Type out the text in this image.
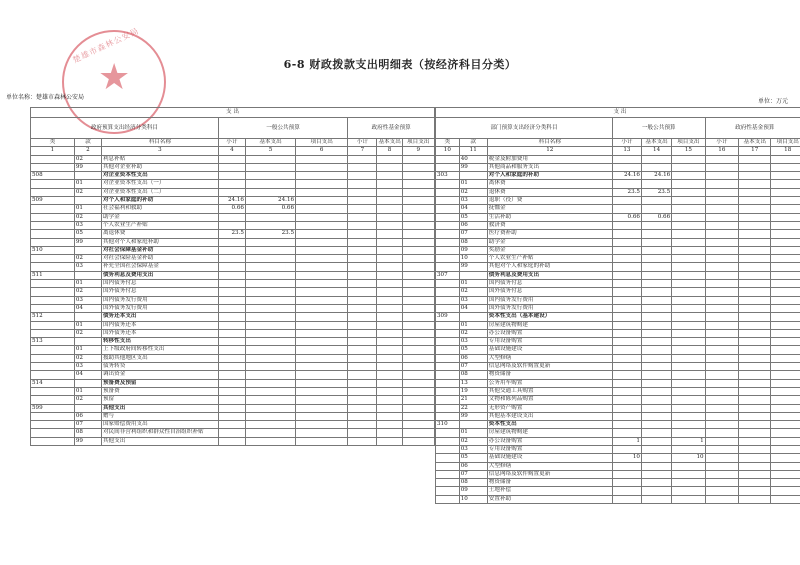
楚雄市森林公安局
★	6-8 财政拨款支出明细表（按经济科目分类）
单位名称：楚雄市森林公安局
单位：万元
支 出								
政府预算支出经济分类科目			一般公共预算			政府性基金预算		
类	款	科目名称	小计	基本支出	项目支出	小计	基本支出	项目支出
1	2	3	4	5	6	7	8	9
	02	利息补贴						
	99	其他对企业补助						
508		对企业资本性支出						
	01	对企业资本性支出（一）						
	02	对企业资本性支出（二）						
509		对个人和家庭的补助	24.16	24.16				
	01	社会福利和救助	0.66	0.66				
	02	助学金						
	03	个人农业生产补贴						
	05	离退休费	23.5	23.5				
	99	其他对个人和家庭补助						
510		对社会保障基金补助						
	02	对社会保险基金补助						
	03	补充全国社会保障基金						
511		债务利息及费用支出						
	01	国内债务付息						
	02	国外债务付息						
	03	国内债务发行费用						
	04	国外债务发行费用						
512		债务还本支出						
	01	国内债务还本						
	02	国外债务还本						
513		转移性支出						
	01	上下级政府间转移性支出						
	02	援助其他地区支出						
	03	债务转贷						
	04	调出资金						
514		预备费及预留						
	01	预备费						
	02	预留						
599		其他支出						
	06	赠与						
	07	国家赔偿费用支出						
	08	对民间非营利组织和群众性自治组织补贴						
	99	其他支出						
支 出								
部门预算支出经济分类科目			一般公共预算			政府性基金预算		
类	款	科目名称	小计	基本支出	项目支出	小计	基本支出	项目支出
10	11	12	13	14	15	16	17	18
	40	税金及附加费用						
	99	其他商品和服务支出						
303		对个人和家庭的补助	24.16	24.16				
	01	离休费						
	02	退休费	23.5	23.5				
	03	退职（役）费						
	04	抚恤金						
	05	生活补助	0.66	0.66				
	06	救济费						
	07	医疗费补助						
	08	助学金						
	09	奖励金						
	10	个人农业生产补贴						
	99	其他对个人和家庭的补助						
307		债务利息及费用支出						
	01	国内债务付息						
	02	国外债务付息						
	03	国内债务发行费用						
	04	国外债务发行费用						
309		资本性支出（基本建设）						
	01	房屋建筑物购建						
	02	办公设备购置						
	03	专用设备购置						
	05	基础设施建设						
	06	大型修缮						
	07	信息网络及软件购置更新						
	08	物资储备						
	13	公务用车购置						
	19	其他交通工具购置						
	21	文物和陈列品购置						
	22	无形资产购置						
	99	其他基本建设支出						
310		资本性支出						
	01	房屋建筑物购建						
	02	办公设备购置	1		1			
	03	专用设备购置						
	05	基础设施建设	10		10			
	06	大型修缮						
	07	信息网络及软件购置更新						
	08	物资储备						
	09	土地补偿						
	10	安置补助						
